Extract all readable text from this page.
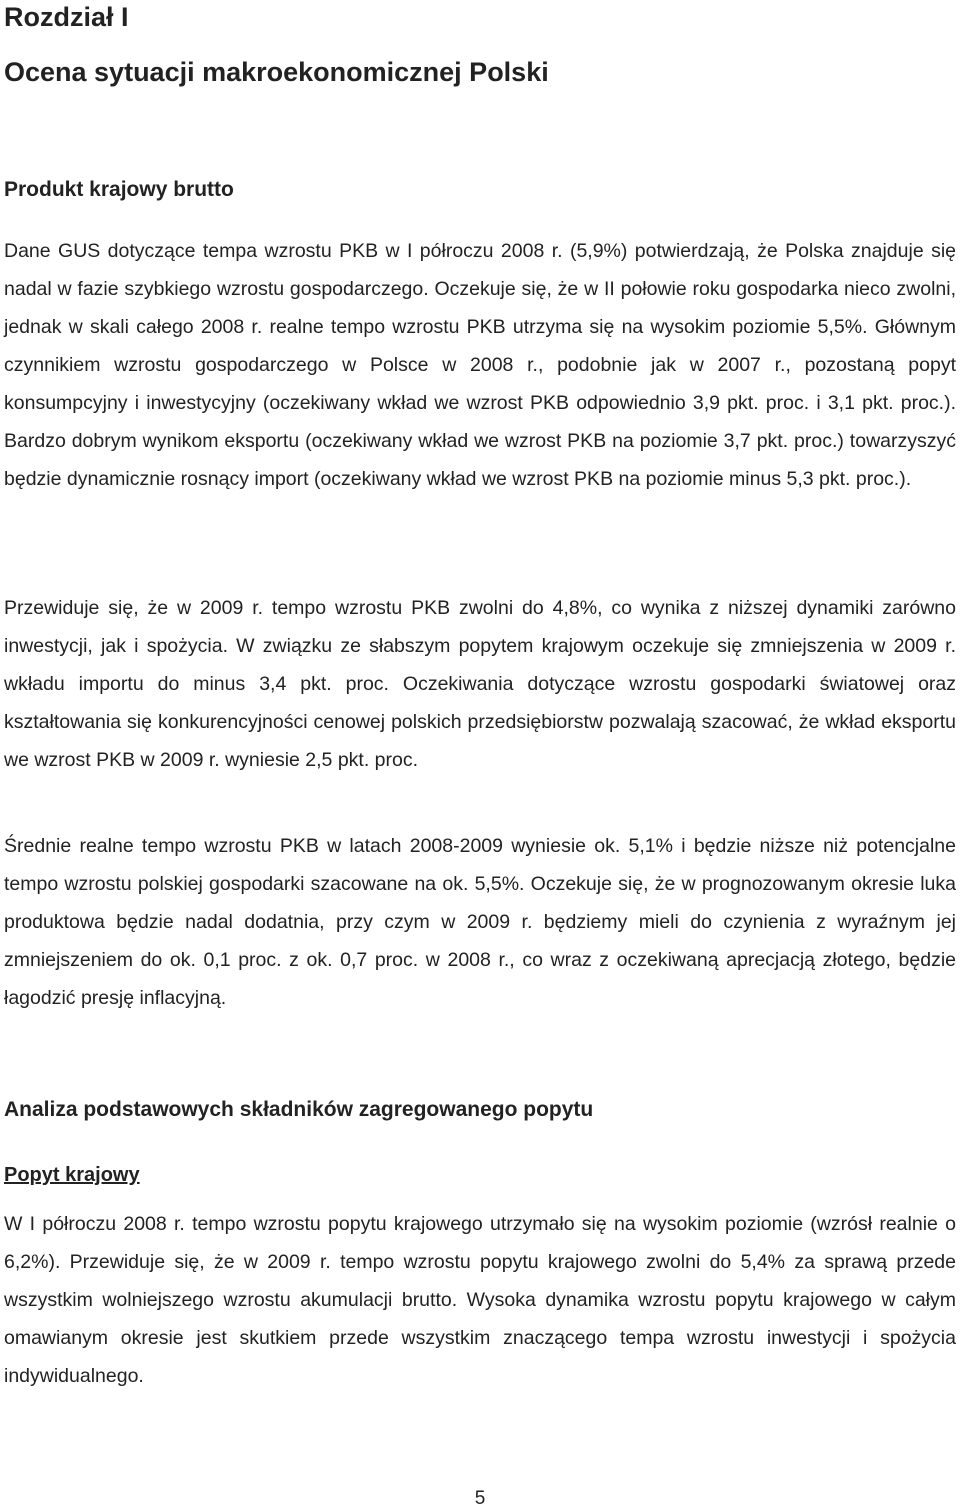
Rozdział I
Ocena sytuacji makroekonomicznej Polski
Produkt krajowy brutto

Dane GUS dotyczące tempa wzrostu PKB w I półroczu 2008 r. (5,9%) potwierdzają, że Polska znajduje się nadal w fazie szybkiego wzrostu gospodarczego. Oczekuje się, że w II połowie roku gospodarka nieco zwolni, jednak w skali całego 2008 r. realne tempo wzrostu PKB utrzyma się na wysokim poziomie 5,5%. Głównym czynnikiem wzrostu gospodarczego w Polsce w 2008 r., podobnie jak w 2007 r., pozostaną popyt konsumpcyjny i inwestycyjny (oczekiwany wkład we wzrost PKB odpowiednio 3,9 pkt. proc. i 3,1 pkt. proc.). Bardzo dobrym wynikom eksportu (oczekiwany wkład we wzrost PKB na poziomie 3,7 pkt. proc.) towarzyszyć będzie dynamicznie rosnący import (oczekiwany wkład we wzrost PKB na poziomie minus 5,3 pkt. proc.).

Przewiduje się, że w 2009 r. tempo wzrostu PKB zwolni do 4,8%, co wynika z niższej dynamiki zarówno inwestycji, jak i spożycia. W związku ze słabszym popytem krajowym oczekuje się zmniejszenia w 2009 r. wkładu importu do minus 3,4 pkt. proc. Oczekiwania dotyczące wzrostu gospodarki światowej oraz kształtowania się konkurencyjności cenowej polskich przedsiębiorstw pozwalają szacować, że wkład eksportu we wzrost PKB w 2009 r. wyniesie 2,5 pkt. proc.

Średnie realne tempo wzrostu PKB w latach 2008-2009 wyniesie ok. 5,1% i będzie niższe niż potencjalne tempo wzrostu polskiej gospodarki szacowane na ok. 5,5%. Oczekuje się, że w prognozowanym okresie luka produktowa będzie nadal dodatnia, przy czym w 2009 r. będziemy mieli do czynienia z wyraźnym jej zmniejszeniem do ok. 0,1 proc. z ok. 0,7 proc. w 2008 r., co wraz z oczekiwaną aprecjacją złotego, będzie łagodzić presję inflacyjną.

Analiza podstawowych składników zagregowanego popytu
Popyt krajowy

W I półroczu 2008 r. tempo wzrostu popytu krajowego utrzymało się na wysokim poziomie (wzrósł realnie o 6,2%). Przewiduje się, że w 2009 r. tempo wzrostu popytu krajowego zwolni do 5,4% za sprawą przede wszystkim wolniejszego wzrostu akumulacji brutto. Wysoka dynamika wzrostu popytu krajowego w całym omawianym okresie jest skutkiem przede wszystkim znaczącego tempa wzrostu inwestycji i spożycia indywidualnego.

5
